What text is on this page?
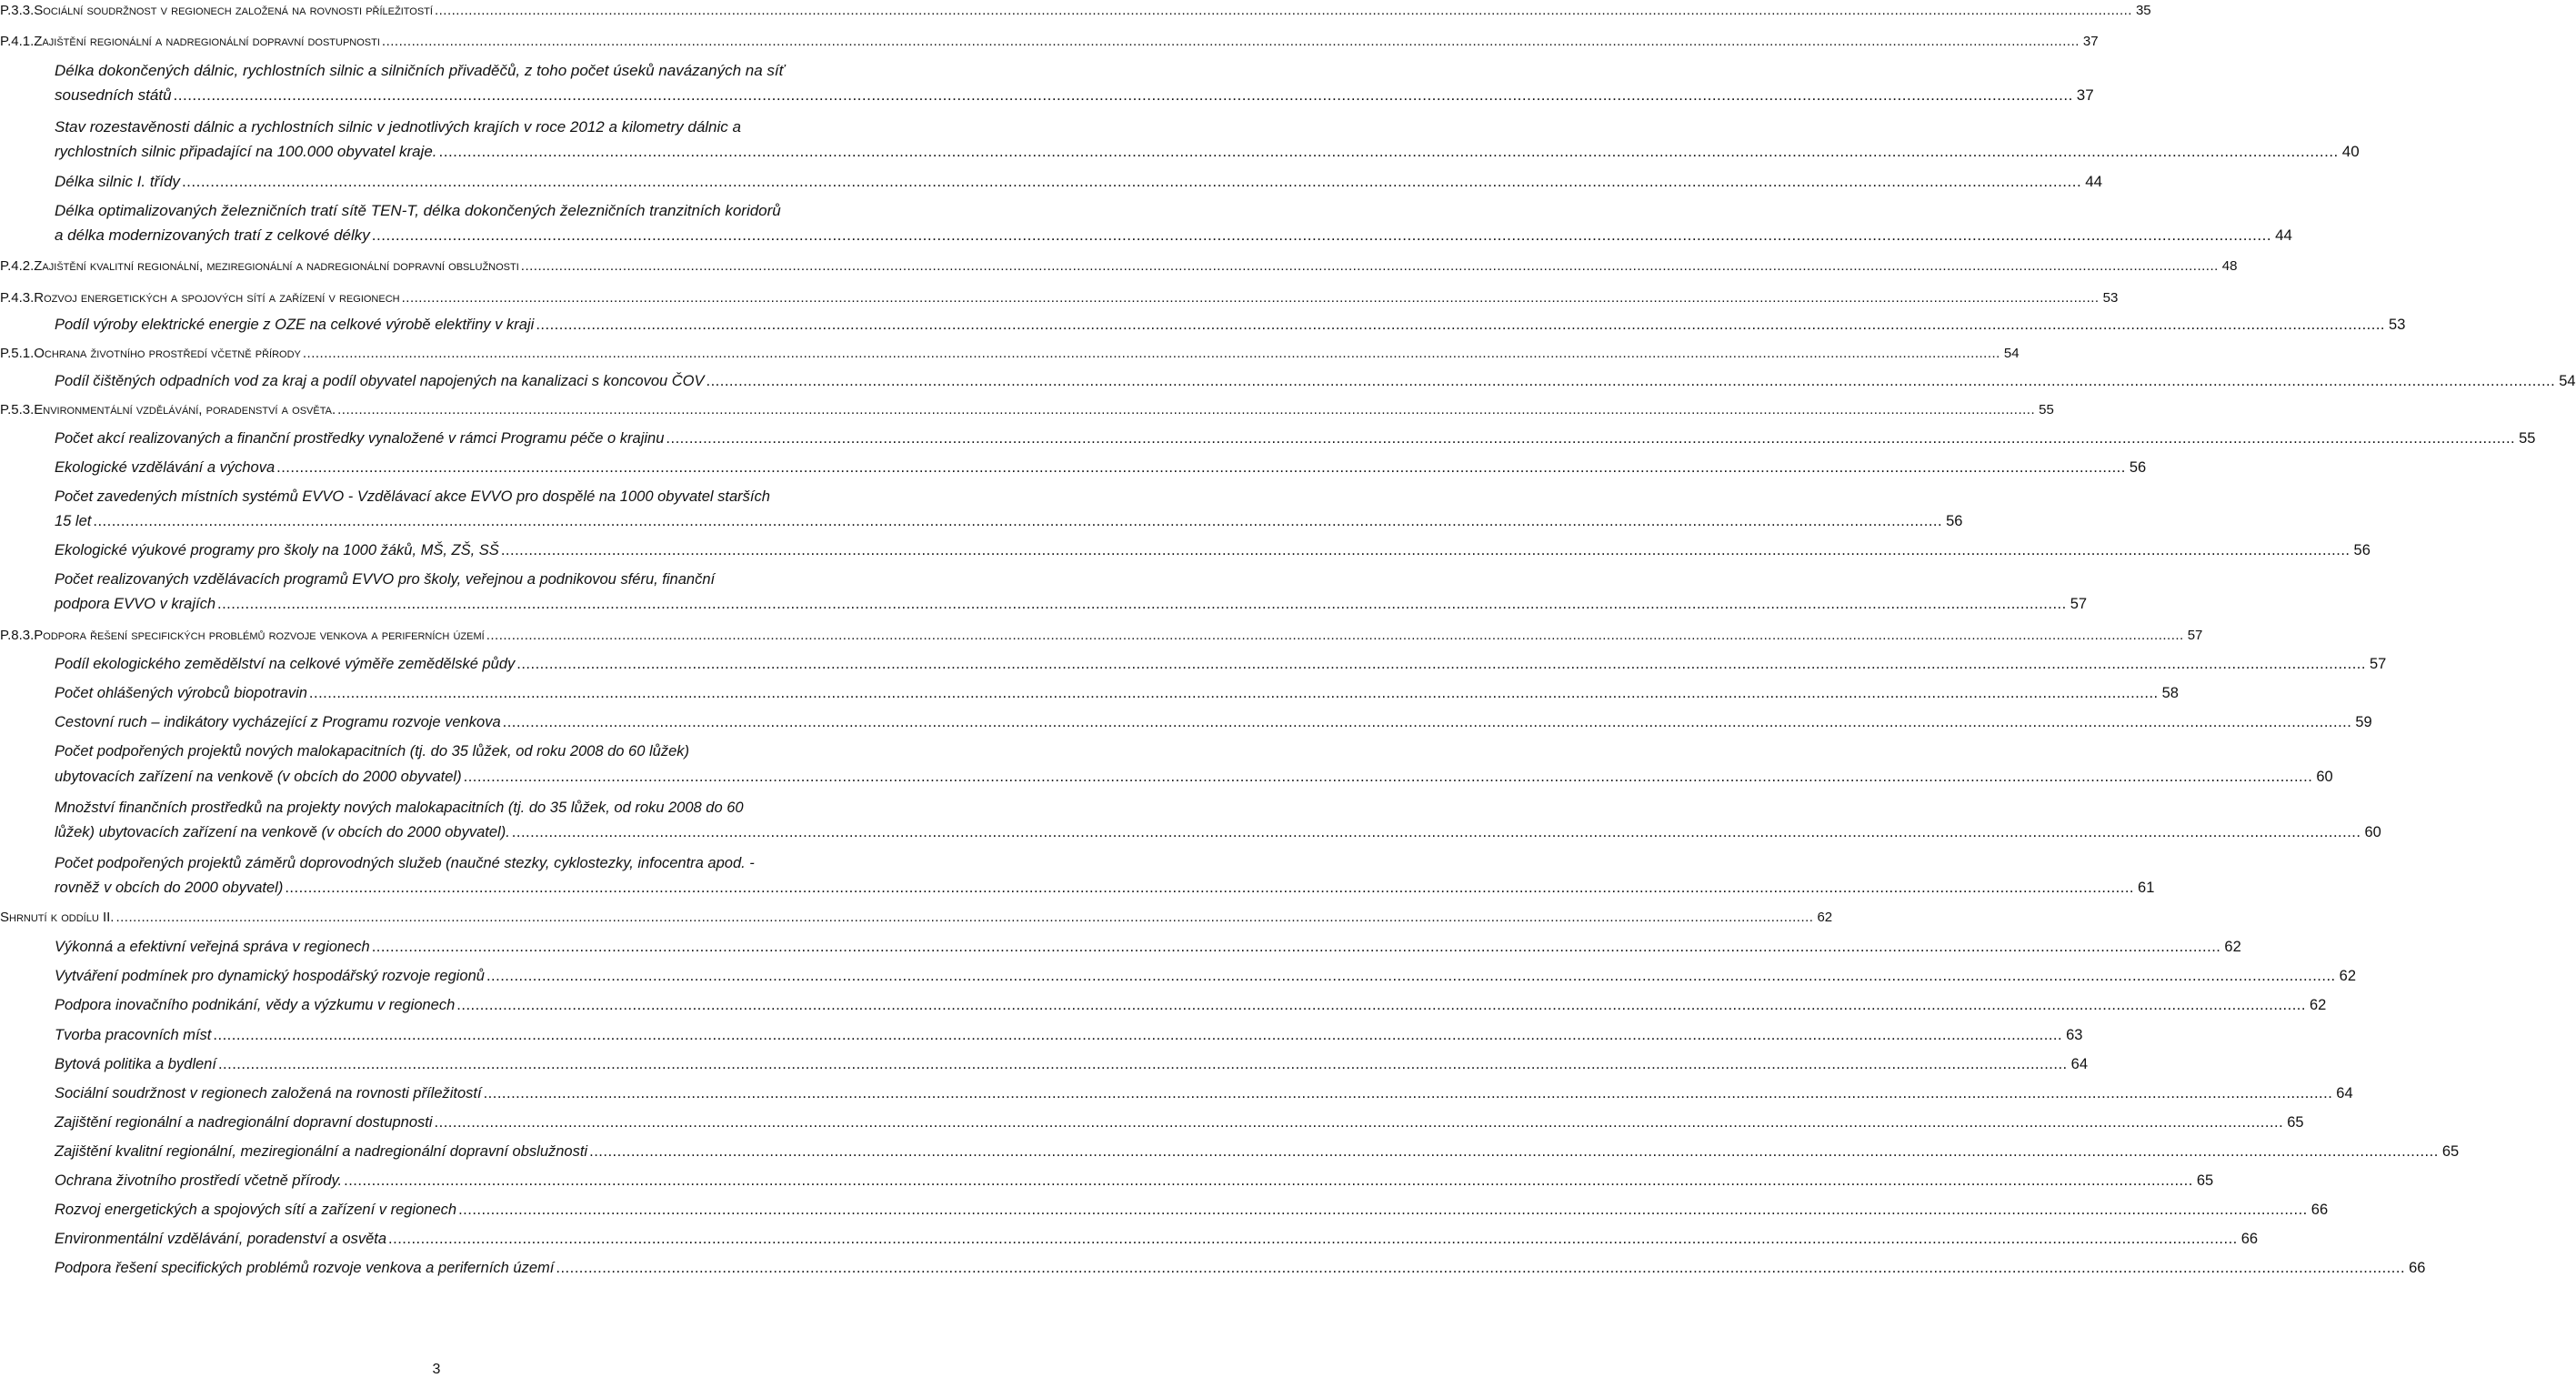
P.3.3. Sociální soudržnost v regionech založená na rovnosti příležitostí ................................................................................................................................................................................................................................................................................................................................................................................................................ 35
P.4.1. Zajištění regionální a nadregionální dopravní dostupnosti ................................................................................................................................................................................................................................................................................................................................................................................................................ 37
Délka dokončených dálnic, rychlostních silnic a silničních přivaděčů, z toho počet úseků navázaných na síť
sousedních států ................................................................................................................................................................................................................................................................................................................................................................................................................ 37
Stav rozestavěnosti dálnic a rychlostních silnic v jednotlivých krajích v roce 2012 a kilometry dálnic a
rychlostních silnic připadající na 100.000 obyvatel kraje. ................................................................................................................................................................................................................................................................................................................................................................................................................ 40
Délka silnic I. třídy ................................................................................................................................................................................................................................................................................................................................................................................................................ 44
Délka optimalizovaných železničních tratí sítě TEN-T, délka dokončených železničních tranzitních koridorů
a délka modernizovaných tratí z celkové délky ................................................................................................................................................................................................................................................................................................................................................................................................................ 44
P.4.2. Zajištění kvalitní regionální, meziregionální a nadregionální dopravní obslužnosti ................................................................................................................................................................................................................................................................................................................................................................................................................ 48
P.4.3. Rozvoj energetických a spojových sítí a zařízení v regionech ................................................................................................................................................................................................................................................................................................................................................................................................................ 53
Podíl výroby elektrické energie z OZE na celkové výrobě elektřiny v kraji ................................................................................................................................................................................................................................................................................................................................................................................................................ 53
P.5.1. Ochrana životního prostředí včetně přírody ................................................................................................................................................................................................................................................................................................................................................................................................................ 54
Podíl čištěných odpadních vod za kraj a podíl obyvatel napojených na kanalizaci s koncovou ČOV ................................................................................................................................................................................................................................................................................................................................................................................................................ 54
P.5.3. Environmentální vzdělávání, poradenství a osvěta. ................................................................................................................................................................................................................................................................................................................................................................................................................ 55
Počet akcí realizovaných a finanční prostředky vynaložené v rámci Programu péče o krajinu ................................................................................................................................................................................................................................................................................................................................................................................................................ 55
Ekologické vzdělávání a výchova ................................................................................................................................................................................................................................................................................................................................................................................................................ 56
Počet zavedených místních systémů EVVO - Vzdělávací akce EVVO pro dospělé na 1000 obyvatel starších
15 let ................................................................................................................................................................................................................................................................................................................................................................................................................ 56
Ekologické výukové programy pro školy na 1000 žáků, MŠ, ZŠ, SŠ ................................................................................................................................................................................................................................................................................................................................................................................................................ 56
Počet realizovaných vzdělávacích programů EVVO pro školy, veřejnou a podnikovou sféru, finanční
podpora EVVO v krajích ................................................................................................................................................................................................................................................................................................................................................................................................................ 57
P.8.3. Podpora řešení specifických problémů rozvoje venkova a periferních území ................................................................................................................................................................................................................................................................................................................................................................................................................ 57
Podíl ekologického zemědělství na celkové výměře zemědělské půdy ................................................................................................................................................................................................................................................................................................................................................................................................................ 57
Počet ohlášených výrobců biopotravin ................................................................................................................................................................................................................................................................................................................................................................................................................ 58
Cestovní ruch – indikátory vycházející z Programu rozvoje venkova ................................................................................................................................................................................................................................................................................................................................................................................................................ 59
Počet podpořených projektů nových malokapacitních (tj. do 35 lůžek, od roku 2008 do 60 lůžek)
ubytovacích zařízení na venkově (v obcích do 2000 obyvatel) ................................................................................................................................................................................................................................................................................................................................................................................................................ 60
Množství finančních prostředků na projekty nových malokapacitních (tj. do 35 lůžek, od roku 2008 do 60
lůžek) ubytovacích zařízení na venkově (v obcích do 2000 obyvatel). ................................................................................................................................................................................................................................................................................................................................................................................................................ 60
Počet podpořených projektů záměrů doprovodných služeb (naučné stezky, cyklostezky, infocentra apod. -
rovněž v obcích do 2000 obyvatel) ................................................................................................................................................................................................................................................................................................................................................................................................................ 61
Shrnutí k oddílu II. ................................................................................................................................................................................................................................................................................................................................................................................................................ 62
Výkonná a efektivní veřejná správa v regionech ................................................................................................................................................................................................................................................................................................................................................................................................................ 62
Vytváření podmínek pro dynamický hospodářský rozvoje regionů ................................................................................................................................................................................................................................................................................................................................................................................................................ 62
Podpora inovačního podnikání, vědy a výzkumu v regionech ................................................................................................................................................................................................................................................................................................................................................................................................................ 62
Tvorba pracovních míst ................................................................................................................................................................................................................................................................................................................................................................................................................ 63
Bytová politika a bydlení ................................................................................................................................................................................................................................................................................................................................................................................................................ 64
Sociální soudržnost v regionech založená na rovnosti příležitostí ................................................................................................................................................................................................................................................................................................................................................................................................................ 64
Zajištění regionální a nadregionální dopravní dostupnosti ................................................................................................................................................................................................................................................................................................................................................................................................................ 65
Zajištění kvalitní regionální, meziregionální a nadregionální dopravní obslužnosti ................................................................................................................................................................................................................................................................................................................................................................................................................ 65
Ochrana životního prostředí včetně přírody. ................................................................................................................................................................................................................................................................................................................................................................................................................ 65
Rozvoj energetických a spojových sítí a zařízení v regionech ................................................................................................................................................................................................................................................................................................................................................................................................................ 66
Environmentální vzdělávání, poradenství a osvěta ................................................................................................................................................................................................................................................................................................................................................................................................................ 66
Podpora řešení specifických problémů rozvoje venkova a periferních území ................................................................................................................................................................................................................................................................................................................................................................................................................ 66
3
